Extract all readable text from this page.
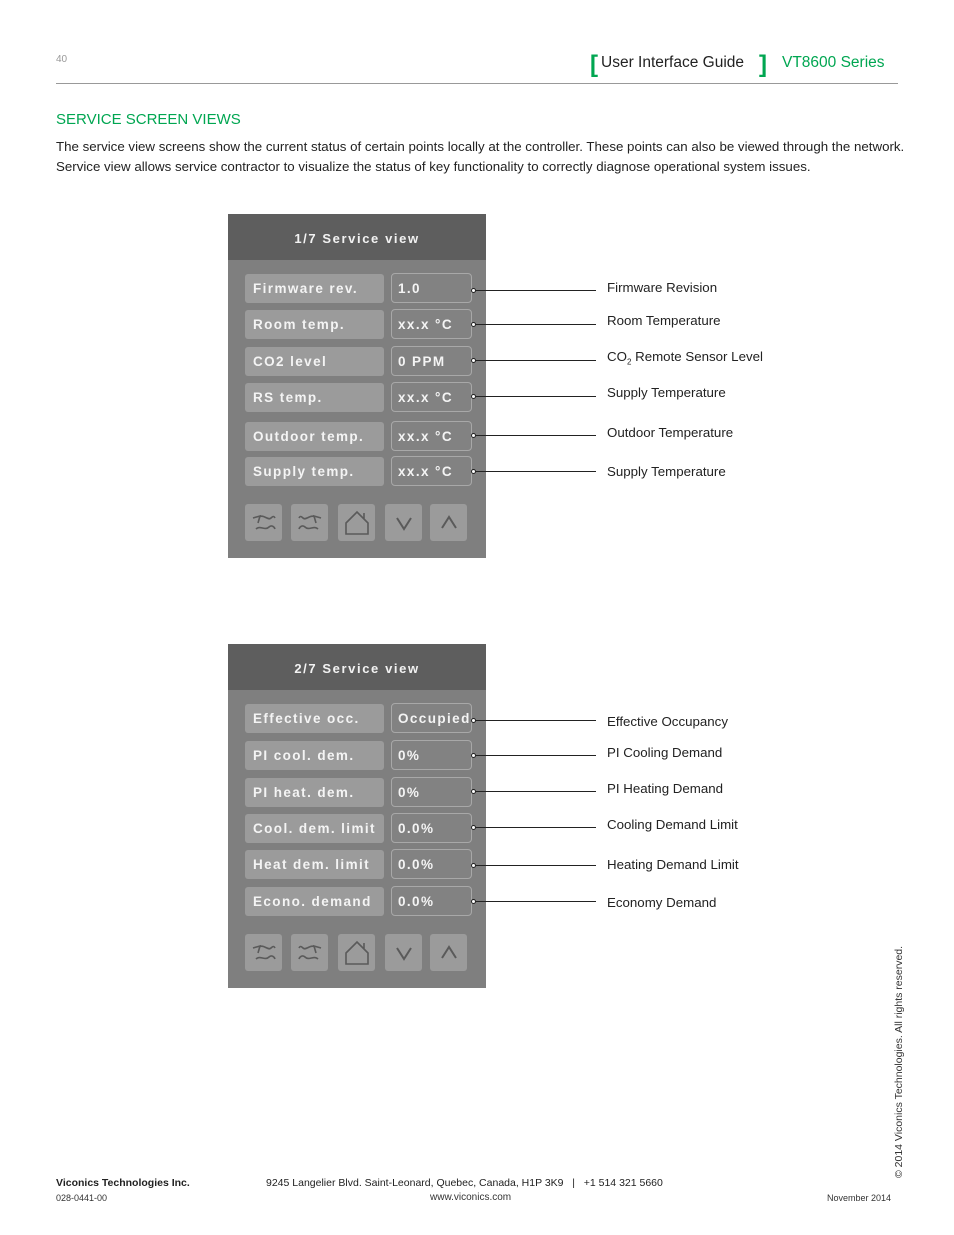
40	[ User Interface Guide ] VT8600 Series
SERVICE SCREEN VIEWS
The service view screens show the current status of certain points locally at the controller. These points can also be viewed through the network. Service view allows service contractor to visualize the status of key functionality to correctly diagnose operational system issues.
1/7 Service view
Firmware rev.	1.0
Room temp.	xx.x °C
CO2 level	0 PPM
RS temp.	xx.x °C
Outdoor temp.	xx.x °C
Supply temp.	xx.x °C
Firmware Revision
Room Temperature
$CO_2$ Remote Sensor Level
Supply Temperature
Outdoor Temperature
Supply Temperature
2/7 Service view
Effective occ.	Occupied
PI cool. dem.	0%
PI heat. dem.	0%
Cool. dem. limit	0.0%
Heat dem. limit	0.0%
Econo. demand	0.0%
Effective Occupancy
PI Cooling Demand
PI Heating Demand
Cooling Demand Limit
Heating Demand Limit
Economy Demand
© 2014 Viconics Technologies. All rights reserved.
Viconics Technologies Inc.	9245 Langelier Blvd. Saint-Leonard, Quebec, Canada, H1P 3K9   |   +1 514 321 5660
028-0441-00	www.viconics.com	November 2014
